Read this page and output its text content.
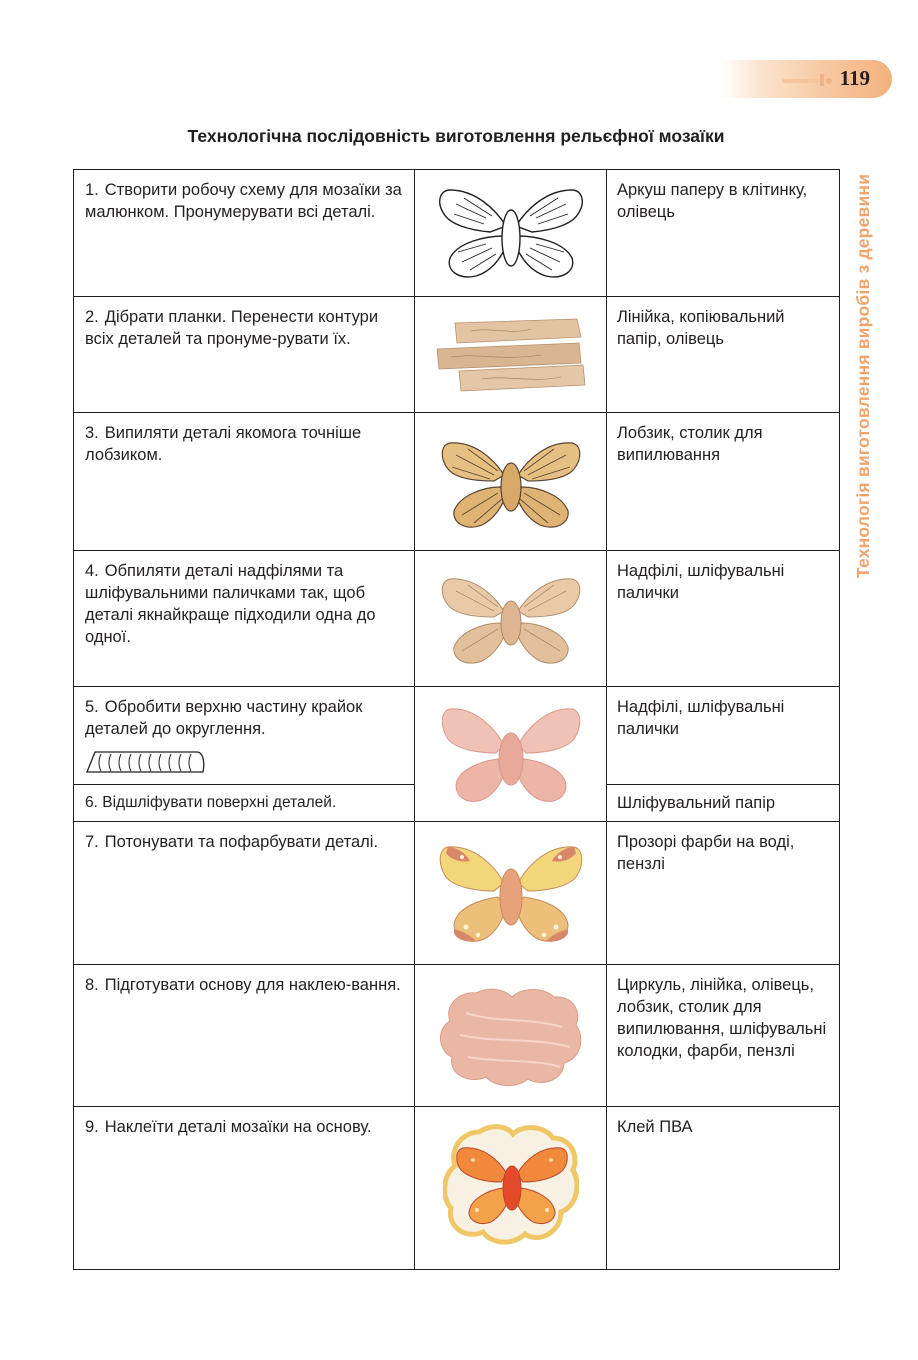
119
Технологія виготовлення виробів з деревини
Технологічна послідовність виготовлення рельєфної мозаїки
1. Створити робочу схему для мозаїки за малюнком. Пронумерувати всі деталі.		Аркуш паперу в клітинку, олівець
2. Дібрати планки. Перенести контури всіх деталей та пронуме-рувати їх.		Лінійка, копіювальний папір, олівець
3. Випиляти деталі якомога точніше лобзиком.		Лобзик, столик для випилювання
4. Обпиляти деталі надфілями та шліфувальними паличками так, щоб деталі якнайкраще підходили одна до одної.		Надфілі, шліфувальні палички
5. Обробити верхню частину крайок деталей до округлення.		Надфілі, шліфувальні палички
6. Відшліфувати поверхні деталей.		Шліфувальний папір
7. Потонувати та пофарбувати деталі.		Прозорі фарби на воді, пензлі
8. Підготувати основу для наклею-вання.		Циркуль, лінійка, олівець, лобзик, столик для випилювання, шліфувальні колодки, фарби, пензлі
9. Наклеїти деталі мозаїки на основу.		Клей ПВА
